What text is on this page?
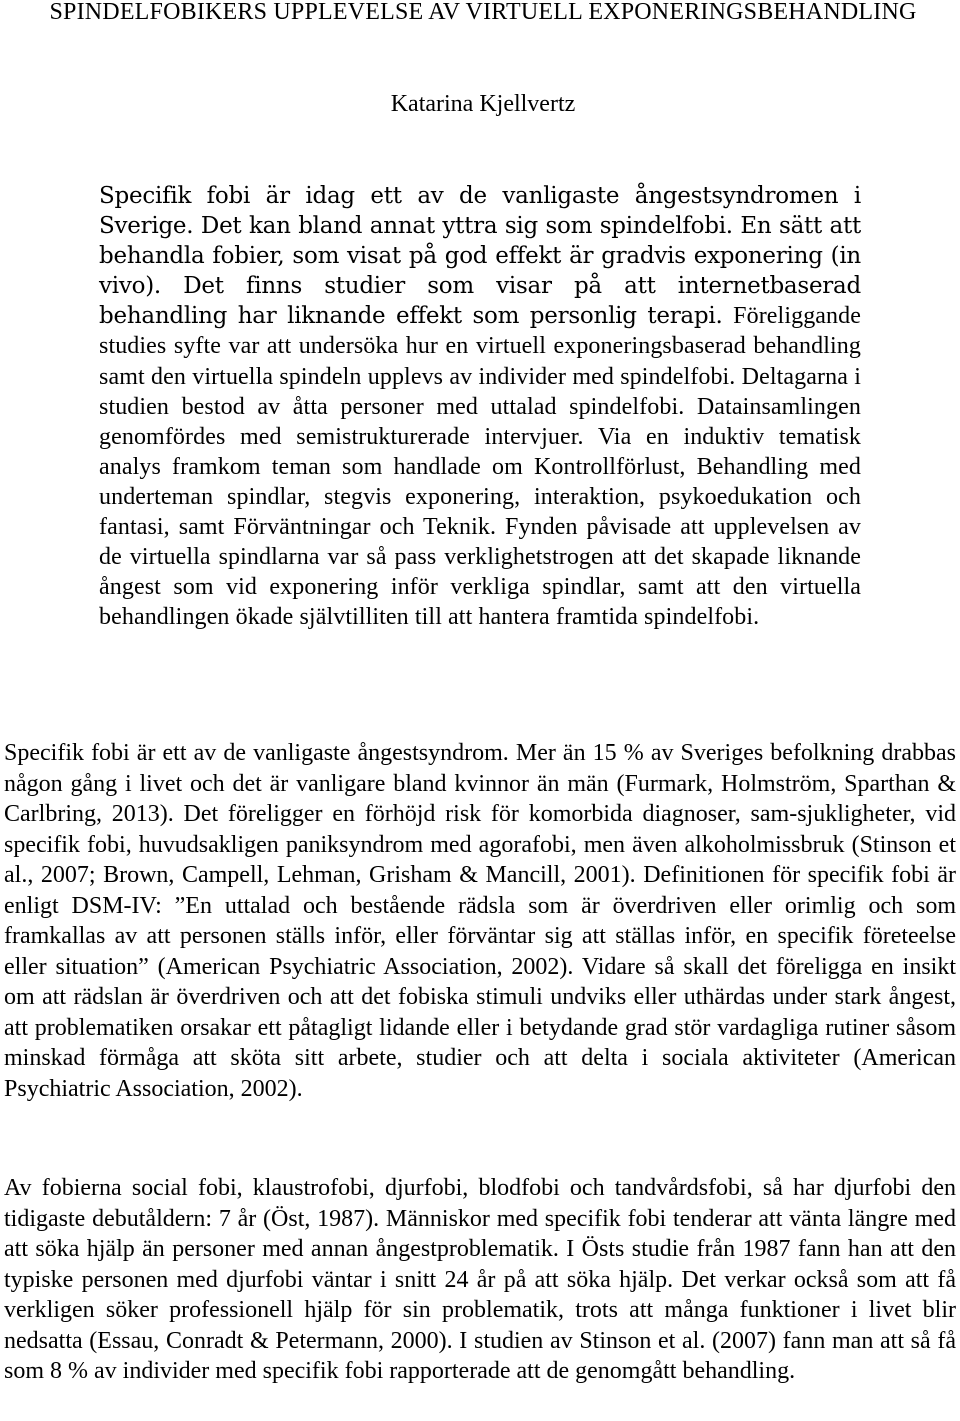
SPINDELFOBIKERS UPPLEVELSE AV VIRTUELL EXPONERINGSBEHANDLING

Katarina Kjellvertz

Specifik fobi är idag ett av de vanligaste ångestsyndromen i Sverige. Det kan bland annat yttra sig som spindelfobi. En sätt att behandla fobier, som visat på god effekt är gradvis exponering (in vivo). Det finns studier som visar på att internetbaserad behandling har liknande effekt som personlig terapi. Föreliggande studies syfte var att undersöka hur en virtuell exponeringsbaserad behandling samt den virtuella spindeln upplevs av individer med spindelfobi. Deltagarna i studien bestod av åtta personer med uttalad spindelfobi. Datainsamlingen genomfördes med semistrukturerade intervjuer. Via en induktiv tematisk analys framkom teman som handlade om Kontrollförlust, Behandling med underteman spindlar, stegvis exponering, interaktion, psykoedukation och fantasi, samt Förväntningar och Teknik. Fynden påvisade att upplevelsen av de virtuella spindlarna var så pass verklighetstrogen att det skapade liknande ångest som vid exponering inför verkliga spindlar, samt att den virtuella behandlingen ökade självtilliten till att hantera framtida spindelfobi.

Specifik fobi är ett av de vanligaste ångestsyndrom. Mer än 15 % av Sveriges befolkning drabbas någon gång i livet och det är vanligare bland kvinnor än män (Furmark, Holmström, Sparthan & Carlbring, 2013). Det föreligger en förhöjd risk för komorbida diagnoser, sam-sjukligheter, vid specifik fobi, huvudsakligen paniksyndrom med agorafobi, men även alkoholmissbruk (Stinson et al., 2007; Brown, Campell, Lehman, Grisham & Mancill, 2001). Definitionen för specifik fobi är enligt DSM-IV: ”En uttalad och bestående rädsla som är överdriven eller orimlig och som framkallas av att personen ställs inför, eller förväntar sig att ställas inför, en specifik företeelse eller situation” (American Psychiatric Association, 2002). Vidare så skall det föreligga en insikt om att rädslan är överdriven och att det fobiska stimuli undviks eller uthärdas under stark ångest, att problematiken orsakar ett påtagligt lidande eller i betydande grad stör vardagliga rutiner såsom minskad förmåga att sköta sitt arbete, studier och att delta i sociala aktiviteter (American Psychiatric Association, 2002).

Av fobierna social fobi, klaustrofobi, djurfobi, blodfobi och tandvårdsfobi, så har djurfobi den tidigaste debutåldern: 7 år (Öst, 1987). Människor med specifik fobi tenderar att vänta längre med att söka hjälp än personer med annan ångestproblematik. I Östs studie från 1987 fann han att den typiske personen med djurfobi väntar i snitt 24 år på att söka hjälp. Det verkar också som att få verkligen söker professionell hjälp för sin problematik, trots att många funktioner i livet blir nedsatta (Essau, Conradt & Petermann, 2000). I studien av Stinson et al. (2007) fann man att så få som 8 % av individer med specifik fobi rapporterade att de genomgått behandling.
